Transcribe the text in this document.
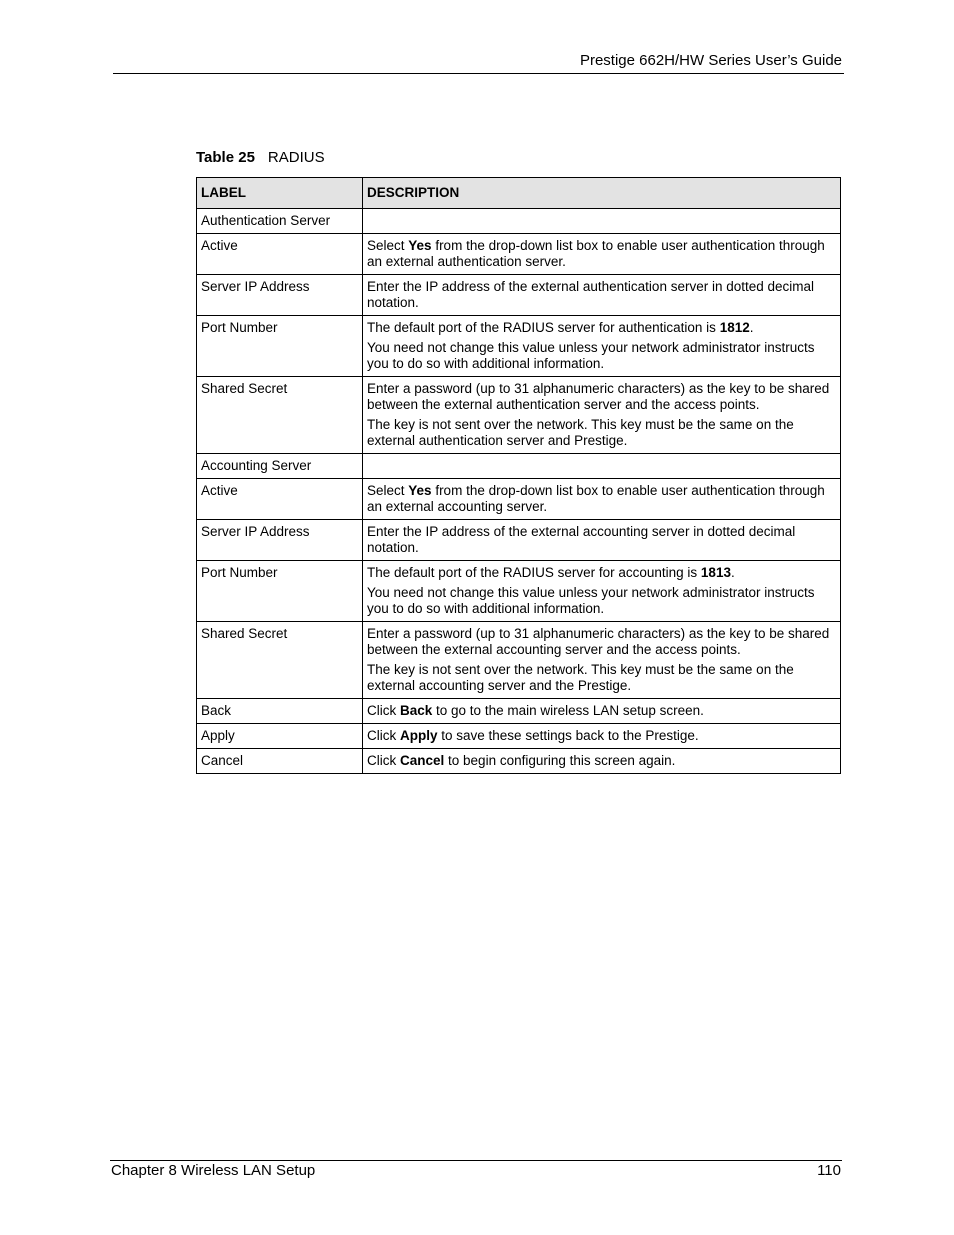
Prestige 662H/HW Series User’s Guide
Table 25 RADIUS
LABEL	DESCRIPTION
Authentication Server	
Active	Select Yes from the drop-down list box to enable user authentication through an external authentication server.

Server IP Address	Enter the IP address of the external authentication server in dotted decimal notation.

Port Number	The default port of the RADIUS server for authentication is 1812.

You need not change this value unless your network administrator instructs you to do so with additional information.

Shared Secret	Enter a password (up to 31 alphanumeric characters) as the key to be shared between the external authentication server and the access points.

The key is not sent over the network. This key must be the same on the external authentication server and Prestige.

Accounting Server	
Active	Select Yes from the drop-down list box to enable user authentication through an external accounting server.

Server IP Address	Enter the IP address of the external accounting server in dotted decimal notation.

Port Number	The default port of the RADIUS server for accounting is 1813.

You need not change this value unless your network administrator instructs you to do so with additional information.

Shared Secret	Enter a password (up to 31 alphanumeric characters) as the key to be shared between the external accounting server and the access points.

The key is not sent over the network. This key must be the same on the external accounting server and the Prestige.

Back	Click Back to go to the main wireless LAN setup screen.

Apply	Click Apply to save these settings back to the Prestige.

Cancel	Click Cancel to begin configuring this screen again.

Chapter 8 Wireless LAN Setup	110
